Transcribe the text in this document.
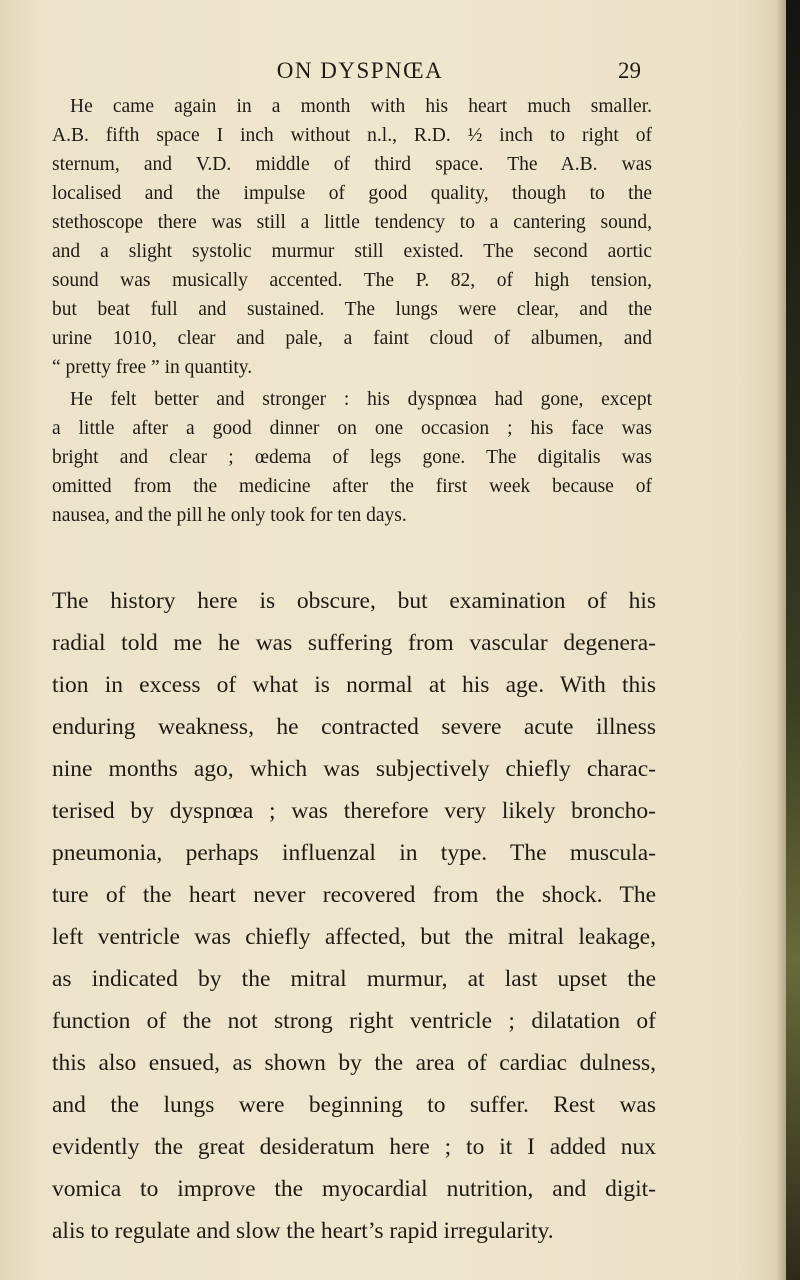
ON DYSPNŒA	29
He came again in a month with his heart much smaller.
A.B. fifth space I inch without n.l., R.D. ½ inch to right of
sternum, and V.D. middle of third space. The A.B. was
localised and the impulse of good quality, though to the
stethoscope there was still a little tendency to a cantering sound,
and a slight systolic murmur still existed. The second aortic
sound was musically accented. The P. 82, of high tension,
but beat full and sustained. The lungs were clear, and the
urine 1010, clear and pale, a faint cloud of albumen, and
“ pretty free ” in quantity.
He felt better and stronger : his dyspnœa had gone, except
a little after a good dinner on one occasion ; his face was
bright and clear ; œdema of legs gone. The digitalis was
omitted from the medicine after the first week because of
nausea, and the pill he only took for ten days.
The history here is obscure, but examination of his
radial told me he was suffering from vascular degenera-
tion in excess of what is normal at his age. With this
enduring weakness, he contracted severe acute illness
nine months ago, which was subjectively chiefly charac-
terised by dyspnœa ; was therefore very likely broncho-
pneumonia, perhaps influenzal in type. The muscula-
ture of the heart never recovered from the shock. The
left ventricle was chiefly affected, but the mitral leakage,
as indicated by the mitral murmur, at last upset the
function of the not strong right ventricle ; dilatation of
this also ensued, as shown by the area of cardiac dulness,
and the lungs were beginning to suffer. Rest was
evidently the great desideratum here ; to it I added nux
vomica to improve the myocardial nutrition, and digit-
alis to regulate and slow the heart’s rapid irregularity.
